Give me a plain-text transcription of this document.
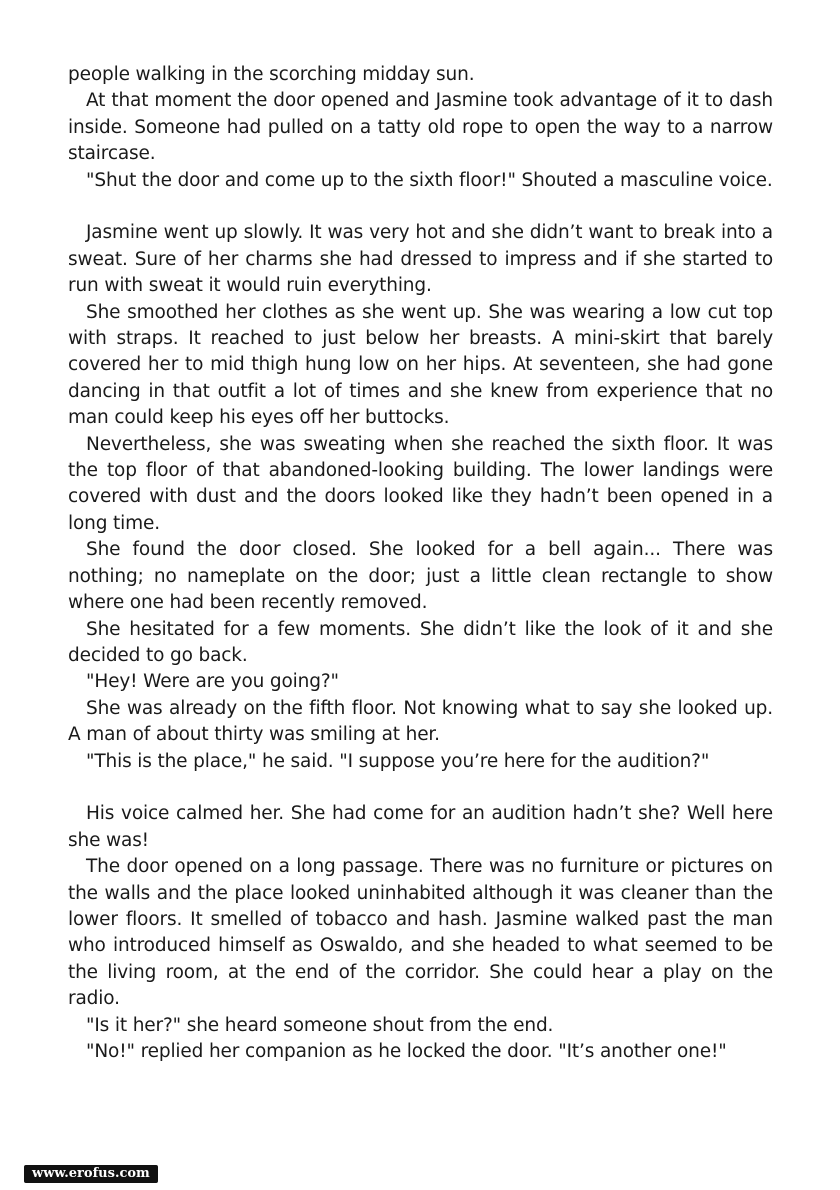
people walking in the scorching midday sun.

At that moment the door opened and Jasmine took advantage of it to dash inside. Someone had pulled on a tatty old rope to open the way to a narrow staircase.

"Shut the door and come up to the sixth floor!" Shouted a masculine voice.

Jasmine went up slowly. It was very hot and she didn’t want to break into a sweat. Sure of her charms she had dressed to impress and if she started to run with sweat it would ruin everything.

She smoothed her clothes as she went up. She was wearing a low cut top with straps. It reached to just below her breasts. A mini-skirt that barely covered her to mid thigh hung low on her hips. At seventeen, she had gone dancing in that outfit a lot of times and she knew from experience that no man could keep his eyes off her buttocks.

Nevertheless, she was sweating when she reached the sixth floor. It was the top floor of that abandoned-looking building. The lower landings were covered with dust and the doors looked like they hadn’t been opened in a long time.

She found the door closed. She looked for a bell again... There was nothing; no nameplate on the door; just a little clean rectangle to show where one had been recently removed.

She hesitated for a few moments. She didn’t like the look of it and she decided to go back.

"Hey! Were are you going?"

She was already on the fifth floor. Not knowing what to say she looked up. A man of about thirty was smiling at her.

"This is the place," he said. "I suppose you’re here for the audition?"

His voice calmed her. She had come for an audition hadn’t she? Well here she was!

The door opened on a long passage. There was no furniture or pictures on the walls and the place looked uninhabited although it was cleaner than the lower floors. It smelled of tobacco and hash. Jasmine walked past the man who introduced himself as Oswaldo, and she headed to what seemed to be the living room, at the end of the corridor. She could hear a play on the radio.

"Is it her?" she heard someone shout from the end.

"No!" replied her companion as he locked the door. "It’s another one!"

www.erofus.com
